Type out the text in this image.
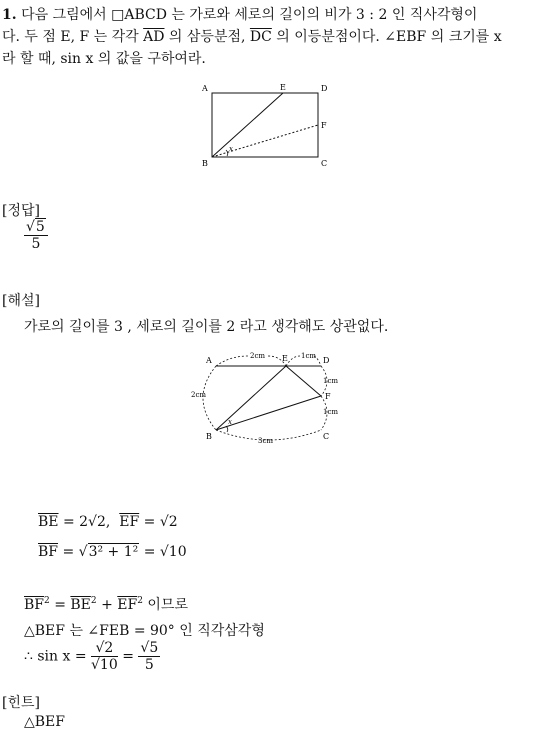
1. 다음 그림에서 □ABCD 는 가로와 세로의 길이의 비가 3 : 2 인 직사각형이
다. 두 점 E, F 는 각각 $\overline{AD}$ 의 삼등분점, $\overline{DC}$ 의 이등분점이다. ∠EBF 의 크기를 x
라 할 때, sin x 의 값을 구하여라.
A	E	D
F
B	C
x
[정답]
$\frac{√5}{5}$
[해설]
가로의 길이를 3 , 세로의 길이를 2 라고 생각해도 상관없다.
A	E	D
F
B	C
x
2cm	1cm
1cm
1cm
2cm
3cm
$\overline{BE} = 2√2$, $\overline{EF} = √2$
$\overline{BF} = √3^2 + 1^2 = √10$
$\overline{BF}^2 = \overline{BE}^2 + \overline{EF}^2$ 이므로
△BEF 는 ∠FEB = 90° 인 직각삼각형
∴ $\sin x = \frac{√2}{√10} = \frac{√5}{5}$
[힌트]
△BEF
